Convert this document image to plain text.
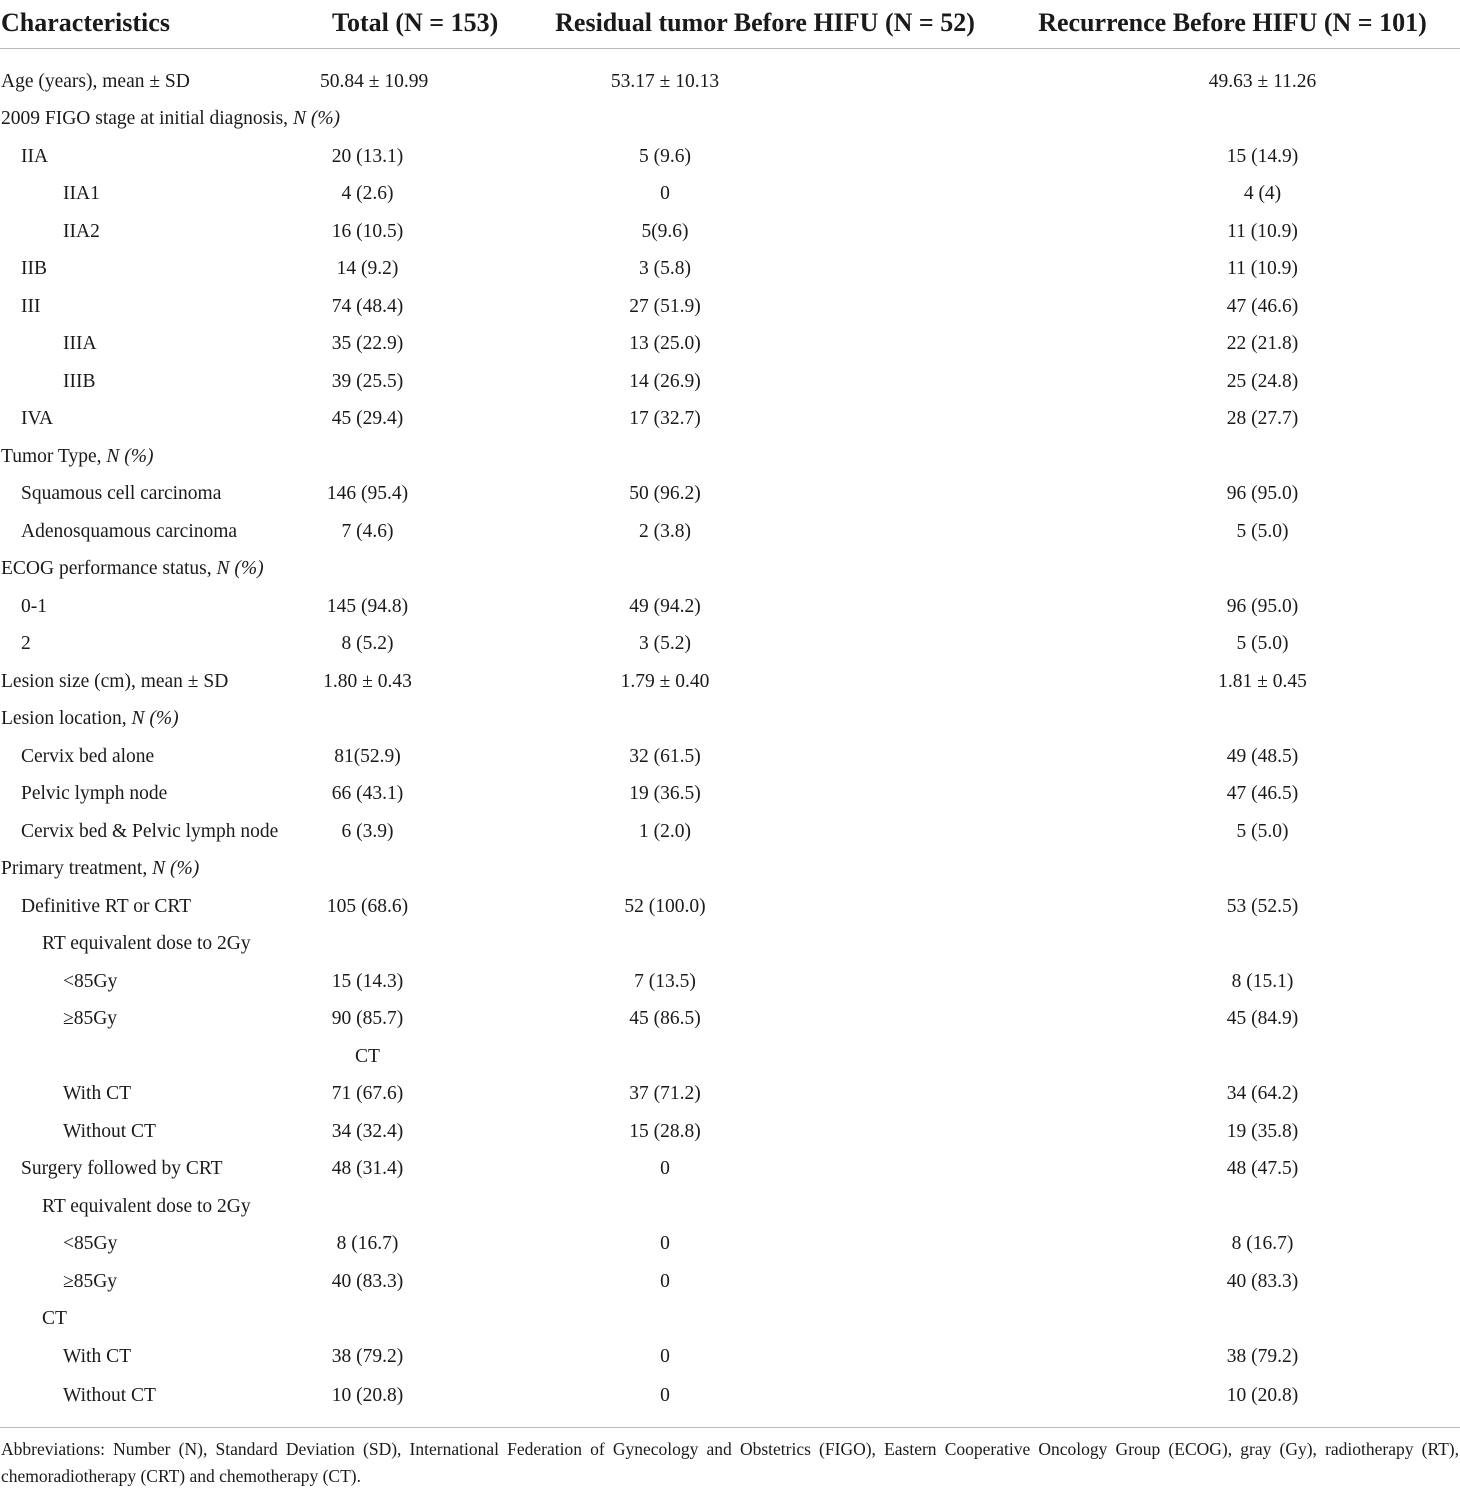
Characteristics	Total (N = 153)	Residual tumor Before HIFU (N = 52)	Recurrence Before HIFU (N = 101)

Age (years), mean ± SD	50.84 ± 10.99	53.17 ± 10.13	49.63 ± 11.26
2009 FIGO stage at initial diagnosis, N (%)			
IIA	20 (13.1)	5 (9.6)	15 (14.9)
IIA1	4 (2.6)	0	4 (4)
IIA2	16 (10.5)	5(9.6)	11 (10.9)
IIB	14 (9.2)	3 (5.8)	11 (10.9)
III	74 (48.4)	27 (51.9)	47 (46.6)
IIIA	35 (22.9)	13 (25.0)	22 (21.8)
IIIB	39 (25.5)	14 (26.9)	25 (24.8)
IVA	45 (29.4)	17 (32.7)	28 (27.7)
Tumor Type, N (%)			
Squamous cell carcinoma	146 (95.4)	50 (96.2)	96 (95.0)
Adenosquamous carcinoma	7 (4.6)	2 (3.8)	5 (5.0)
ECOG performance status, N (%)			
0-1	145 (94.8)	49 (94.2)	96 (95.0)
2	8 (5.2)	3 (5.2)	5 (5.0)
Lesion size (cm), mean ± SD	1.80 ± 0.43	1.79 ± 0.40	1.81 ± 0.45
Lesion location, N (%)			
Cervix bed alone	81(52.9)	32 (61.5)	49 (48.5)
Pelvic lymph node	66 (43.1)	19 (36.5)	47 (46.5)
Cervix bed & Pelvic lymph node	6 (3.9)	1 (2.0)	5 (5.0)
Primary treatment, N (%)			
Definitive RT or CRT	105 (68.6)	52 (100.0)	53 (52.5)
RT equivalent dose to 2Gy			
<85Gy	15 (14.3)	7 (13.5)	8 (15.1)
≥85Gy	90 (85.7)	45 (86.5)	45 (84.9)
	CT		
With CT	71 (67.6)	37 (71.2)	34 (64.2)
Without CT	34 (32.4)	15 (28.8)	19 (35.8)
Surgery followed by CRT	48 (31.4)	0	48 (47.5)
RT equivalent dose to 2Gy			
<85Gy	8 (16.7)	0	8 (16.7)
≥85Gy	40 (83.3)	0	40 (83.3)
CT			
With CT	38 (79.2)	0	38 (79.2)
Without CT	10 (20.8)	0	10 (20.8)
Abbreviations: Number (N), Standard Deviation (SD), International Federation of Gynecology and Obstetrics (FIGO), Eastern Cooperative Oncology Group (ECOG), gray (Gy), radiotherapy (RT), chemoradiotherapy (CRT) and chemotherapy (CT).
